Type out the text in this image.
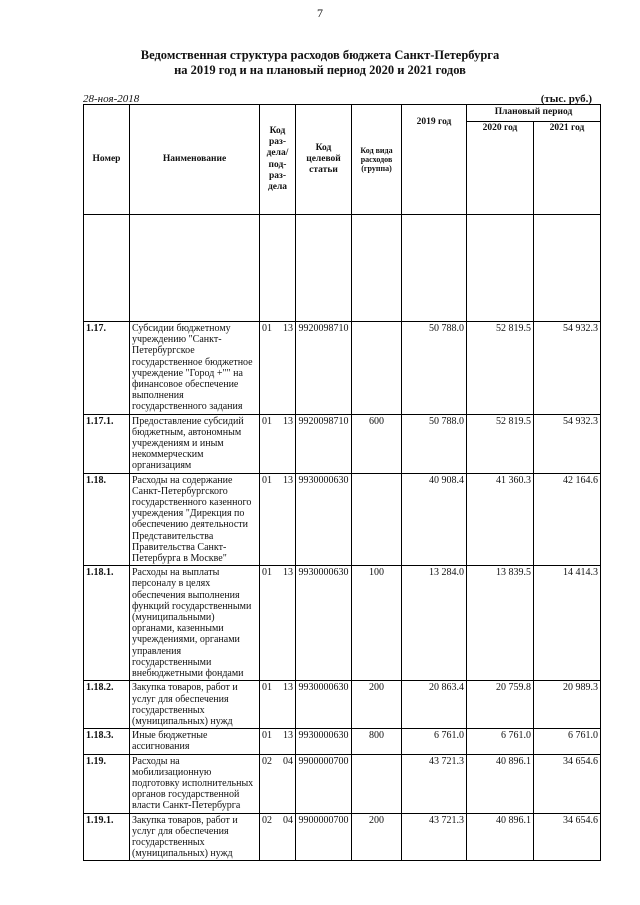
7
Ведомственная структура расходов бюджета Санкт-Петербурга
на 2019 год и на плановый период 2020 и 2021 годов
28-ноя-2018	(тыс. руб.)
Номер	Наименование	Код раз- дела/ под- раз- дела	Код целевой статьи	Код вида расходов (группа)	2019 год	Плановый период	
						2020 год	2021 год

1.17.	Субсидии бюджетному учреждению "Санкт-Петербургское государственное бюджетное учреждение "Город +"" на финансовое обеспечение выполнения государственного задания	01 13	9920098710		50 788.0	52 819.5	54 932.3
1.17.1.	Предоставление субсидий бюджетным, автономным учреждениям и иным некоммерческим организациям	01 13	9920098710	600	50 788.0	52 819.5	54 932.3
1.18.	Расходы на содержание Санкт-Петербургского государственного казенного учреждения "Дирекция по обеспечению деятельности Представительства Правительства Санкт-Петербурга в Москве"	01 13	9930000630		40 908.4	41 360.3	42 164.6
1.18.1.	Расходы на выплаты персоналу в целях обеспечения выполнения функций государственными (муниципальными) органами, казенными учреждениями, органами управления государственными внебюджетными фондами	01 13	9930000630	100	13 284.0	13 839.5	14 414.3
1.18.2.	Закупка товаров, работ и услуг для обеспечения государственных (муниципальных) нужд	01 13	9930000630	200	20 863.4	20 759.8	20 989.3
1.18.3.	Иные бюджетные ассигнования	01 13	9930000630	800	6 761.0	6 761.0	6 761.0
1.19.	Расходы на мобилизационную подготовку исполнительных органов государственной власти Санкт-Петербурга	02 04	9900000700		43 721.3	40 896.1	34 654.6
1.19.1.	Закупка товаров, работ и услуг для обеспечения государственных (муниципальных) нужд	02 04	9900000700	200	43 721.3	40 896.1	34 654.6
